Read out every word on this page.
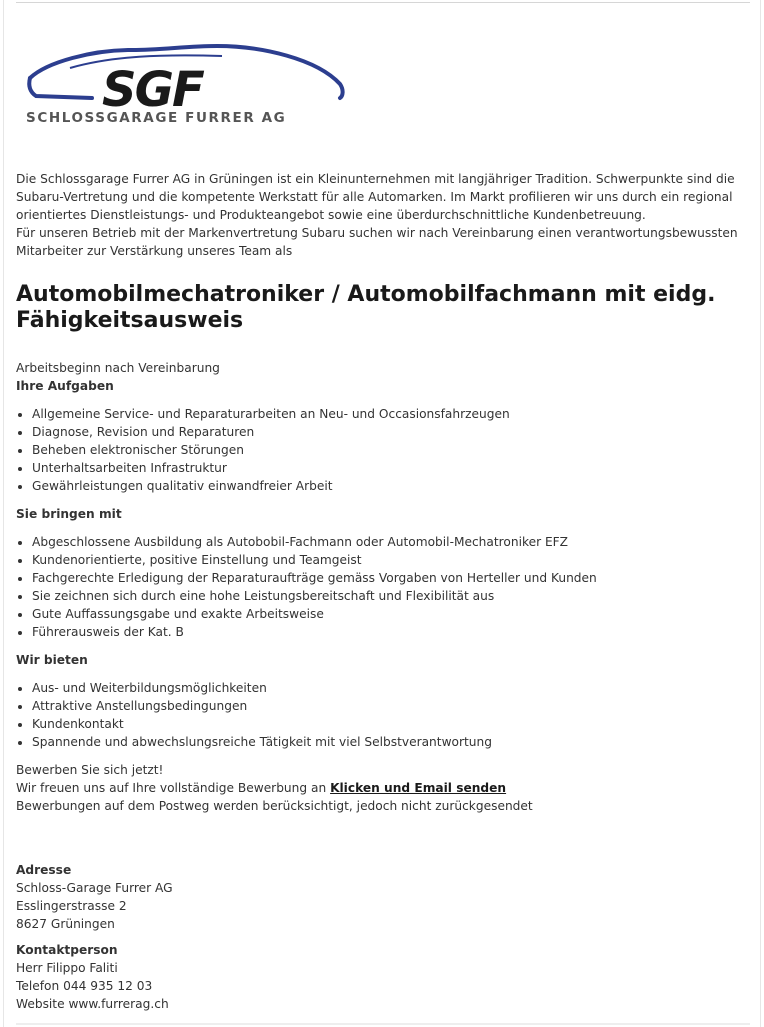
SGF
SCHLOSSGARAGE FURRER AG

Die Schlossgarage Furrer AG in Grüningen ist ein Kleinunternehmen mit langjähriger Tradition. Schwerpunkte sind die Subaru-Vertretung und die kompetente Werkstatt für alle Automarken. Im Markt profilieren wir uns durch ein regional orientiertes Dienstleistungs- und Produkteangebot sowie eine überdurchschnittliche Kundenbetreuung.

Für unseren Betrieb mit der Markenvertretung Subaru suchen wir nach Vereinbarung einen verantwortungsbewussten Mitarbeiter zur Verstärkung unseres Team als

Automobilmechatroniker / Automobilfachmann mit eidg. Fähigkeitsausweis

Arbeitsbeginn nach Vereinbarung

Ihre Aufgaben

• Allgemeine Service- und Reparaturarbeiten an Neu- und Occasionsfahrzeugen
• Diagnose, Revision und Reparaturen
• Beheben elektronischer Störungen
• Unterhaltsarbeiten Infrastruktur
• Gewährleistungen qualitativ einwandfreier Arbeit

Sie bringen mit

• Abgeschlossene Ausbildung als Autobobil-Fachmann oder Automobil-Mechatroniker EFZ
• Kundenorientierte, positive Einstellung und Teamgeist
• Fachgerechte Erledigung der Reparaturaufträge gemäss Vorgaben von Herteller und Kunden
• Sie zeichnen sich durch eine hohe Leistungsbereitschaft und Flexibilität aus
• Gute Auffassungsgabe und exakte Arbeitsweise
• Führerausweis der Kat. B

Wir bieten

• Aus- und Weiterbildungsmöglichkeiten
• Attraktive Anstellungsbedingungen
• Kundenkontakt
• Spannende und abwechslungsreiche Tätigkeit mit viel Selbstverantwortung

Bewerben Sie sich jetzt!

Wir freuen uns auf Ihre vollständige Bewerbung an Klicken und Email senden

Bewerbungen auf dem Postweg werden berücksichtigt, jedoch nicht zurückgesendet

Adresse

Schloss-Garage Furrer AG

Esslingerstrasse 2

8627 Grüningen

Kontaktperson

Herr Filippo Faliti

Telefon 044 935 12 03

Website www.furrerag.ch
